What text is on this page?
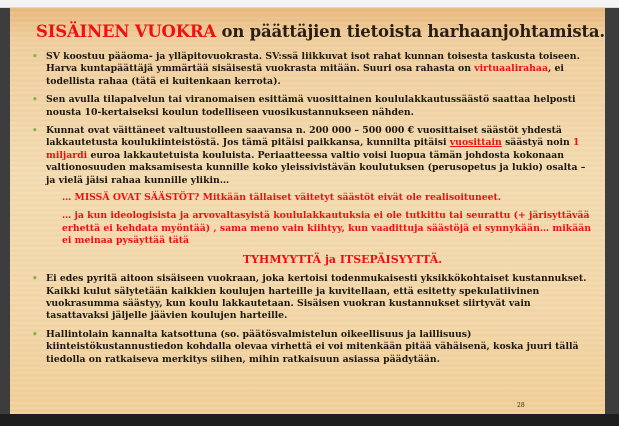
SISÄINEN VUOKRA on päättäjien tietoista harhaanjohtamista.
• SV koostuu pääoma- ja ylläpitovuokrasta. SV:ssä liikkuvat isot rahat kunnan toisesta taskusta toiseen. Harva kuntapäättäjä ymmärtää sisäisestä vuokrasta mitään. Suuri osa rahasta on virtuaalirahaa, ei todellista rahaa (tätä ei kuitenkaan kerrota).
• Sen avulla tilapalvelun tai viranomaisen esittämä vuosittainen koululakkautussäästö saattaa helposti nousta 10-kertaiseksi koulun todelliseen vuosikustannukseen nähden.
• Kunnat ovat väittäneet valtuustolleen saavansa n. 200 000 – 500 000 € vuosittaiset säästöt yhdestä lakkautetusta koulukiinteistöstä. Jos tämä pitäisi paikkansa, kunnilta pitäisi vuosittain säästyä noin 1 miljardi euroa lakkautetuista kouluista. Periaatteessa valtio voisi luopua tämän johdosta kokonaan valtionosuuden maksamisesta kunnille koko yleissivistävän koulutuksen (perusopetus ja lukio) osalta – ja vielä jäisi rahaa kunnille ylikin…
… MISSÄ OVAT SÄÄSTÖT? Mitkään tällaiset väitetyt säästöt eivät ole realisoituneet.
… ja kun ideologisista ja arvovaltasyistä koululakkautuksia ei ole tutkittu tai seurattu (+ järisyttävää erhettä ei kehdata myöntää) , sama meno vain kiihtyy, kun vaadittuja säästöjä ei synnykään… mikään ei meinaa pysäyttää tätä
TYHMYYTTÄ ja ITSEPÄISYYTTÄ.
• Ei edes pyritä aitoon sisäiseen vuokraan, joka kertoisi todenmukaisesti yksikkökohtaiset kustannukset. Kaikki kulut sälytetään kaikkien koulujen harteille ja kuvitellaan, että esitetty spekulatiivinen vuokrasumma säästyy, kun koulu lakkautetaan. Sisäisen vuokran kustannukset siirtyvät vain tasattavaksi jäljelle jäävien koulujen harteille.
• Hallintolain kannalta katsottuna (so. päätösvalmistelun oikeellisuus ja laillisuus) kiinteistökustannustiedon kohdalla olevaa virhettä ei voi mitenkään pitää vähäisenä, koska juuri tällä tiedolla on ratkaiseva merkitys siihen, mihin ratkaisuun asiassa päädytään.
28
